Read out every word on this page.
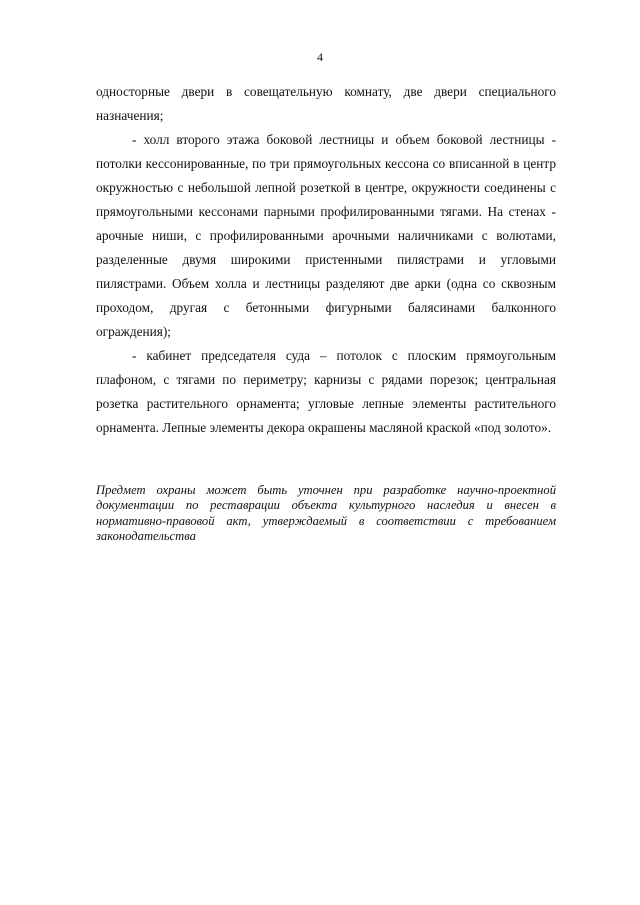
4

односторные двери в совещательную комнату, две двери специального назначения;

- холл второго этажа боковой лестницы и объем боковой лестницы - потолки кессонированные, по три прямоугольных кессона со вписанной в центр окружностью с небольшой лепной розеткой в центре, окружности соединены с прямоугольными кессонами парными профилированными тягами. На стенах - арочные ниши, с профилированными арочными наличниками с волютами, разделенные двумя широкими пристенными пилястрами и угловыми пилястрами. Объем холла и лестницы разделяют две арки (одна со сквозным проходом, другая с бетонными фигурными балясинами балконного ограждения);

- кабинет председателя суда – потолок с плоским прямоугольным плафоном, с тягами по периметру; карнизы с рядами порезок; центральная розетка растительного орнамента; угловые лепные элементы растительного орнамента. Лепные элементы декора окрашены масляной краской «под золото».

Предмет охраны может быть уточнен при разработке научно-проектной документации по реставрации объекта культурного наследия и внесен в нормативно-правовой акт, утверждаемый в соответствии с требованием законодательства
